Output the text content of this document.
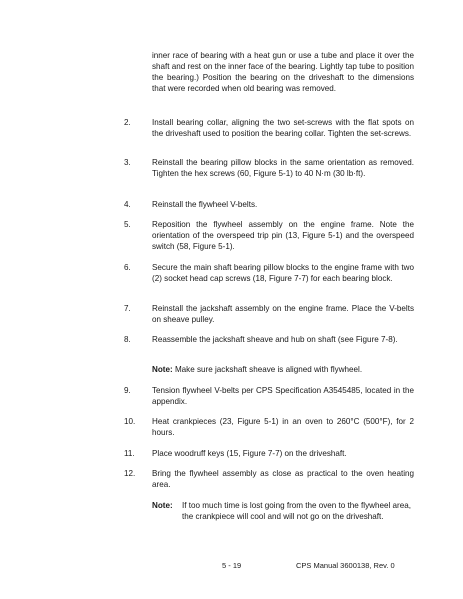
inner race of bearing with a heat gun or use a tube and place it over the shaft and rest on the inner face of the bearing. Lightly tap tube to position the bearing.) Position the bearing on the driveshaft to the dimensions that were recorded when old bearing was removed.
2.	Install bearing collar, aligning the two set-screws with the flat spots on the driveshaft used to position the bearing collar. Tighten the set-screws.
3.	Reinstall the bearing pillow blocks in the same orientation as removed. Tighten the hex screws (60, Figure 5-1) to 40 N·m (30 lb·ft).
4.	Reinstall the flywheel V-belts.
5.	Reposition the flywheel assembly on the engine frame. Note the orientation of the overspeed trip pin (13, Figure 5-1) and the overspeed switch (58, Figure 5-1).
6.	Secure the main shaft bearing pillow blocks to the engine frame with two (2) socket head cap screws (18, Figure 7-7) for each bearing block.
7.	Reinstall the jackshaft assembly on the engine frame. Place the V-belts on sheave pulley.
8.	Reassemble the jackshaft sheave and hub on shaft (see Figure 7-8).
Note: Make sure jackshaft sheave is aligned with flywheel.
9.	Tension flywheel V-belts per CPS Specification A3545485, located in the appendix.
10. Heat crankpieces (23, Figure 5-1) in an oven to 260°C (500°F), for 2 hours.
11. Place woodruff keys (15, Figure 7-7) on the driveshaft.
12. Bring the flywheel assembly as close as practical to the oven heating area.
Note: If too much time is lost going from the oven to the flywheel area, the crankpiece will cool and will not go on the driveshaft.
5 - 19	CPS Manual 3600138, Rev. 0
